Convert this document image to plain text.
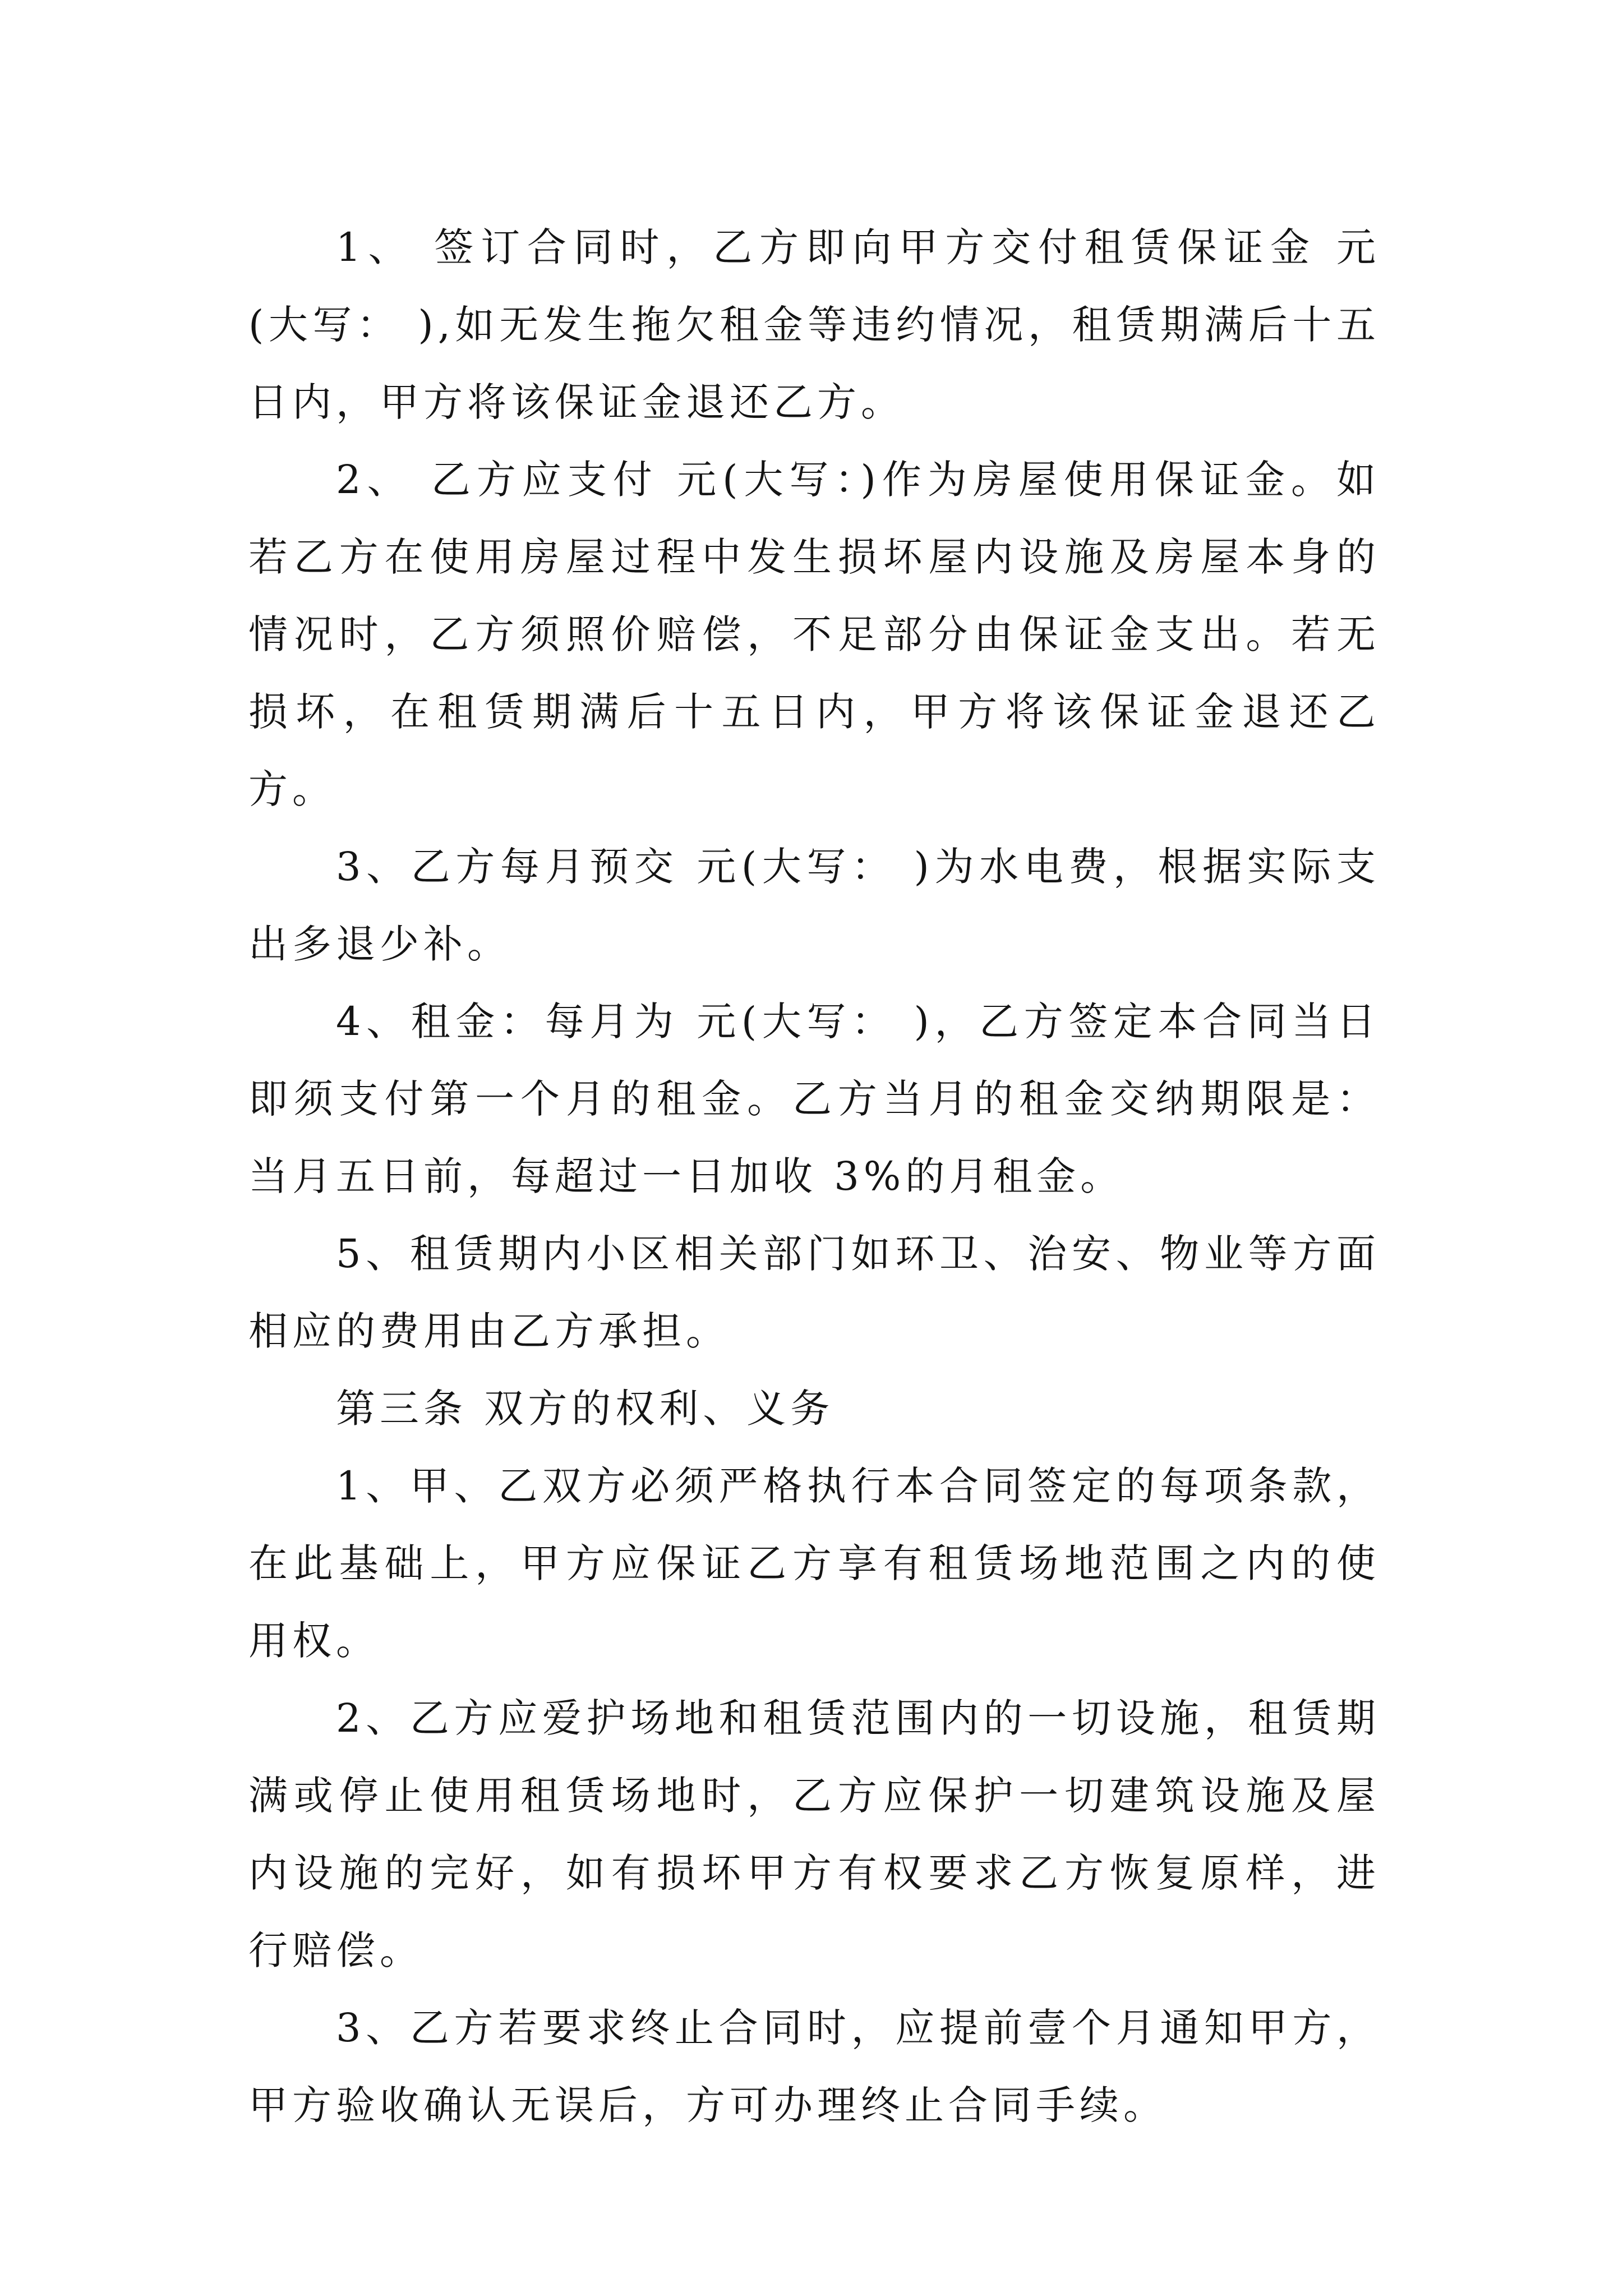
1、 签订合同时，乙方即向甲方交付租赁保证金 元(大写： ),如无发生拖欠租金等违约情况，租赁期满后十五日内，甲方将该保证金退还乙方。

2、 乙方应支付 元(大写：)作为房屋使用保证金。如若乙方在使用房屋过程中发生损坏屋内设施及房屋本身的情况时，乙方须照价赔偿，不足部分由保证金支出。若无损坏，在租赁期满后十五日内，甲方将该保证金退还乙方。

3、乙方每月预交 元(大写： )为水电费，根据实际支出多退少补。

4、租金：每月为 元(大写： )，乙方签定本合同当日即须支付第一个月的租金。乙方当月的租金交纳期限是：当月五日前，每超过一日加收 3%的月租金。

5、租赁期内小区相关部门如环卫、治安、物业等方面相应的费用由乙方承担。

第三条 双方的权利、义务

1、甲、乙双方必须严格执行本合同签定的每项条款，在此基础上，甲方应保证乙方享有租赁场地范围之内的使用权。

2、乙方应爱护场地和租赁范围内的一切设施，租赁期满或停止使用租赁场地时，乙方应保护一切建筑设施及屋内设施的完好，如有损坏甲方有权要求乙方恢复原样，进行赔偿。

3、乙方若要求终止合同时，应提前壹个月通知甲方，甲方验收确认无误后，方可办理终止合同手续。
